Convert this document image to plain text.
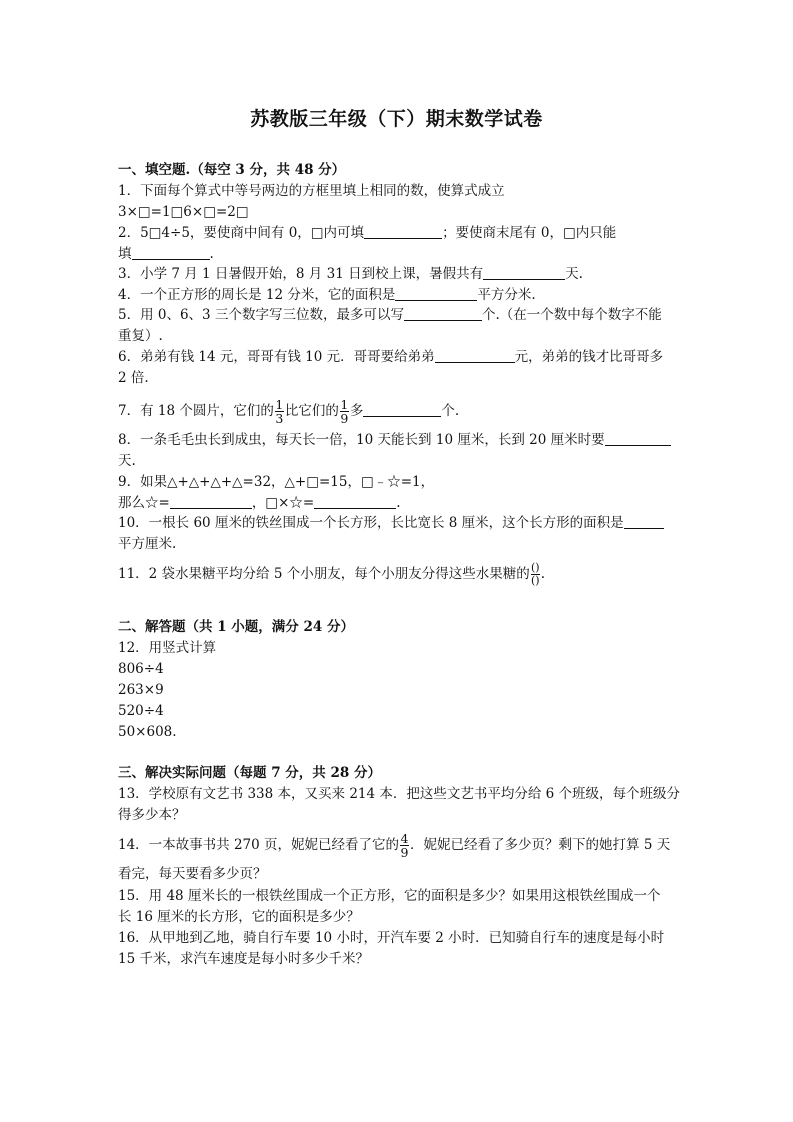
苏教版三年级（下）期末数学试卷
一、填空题.（每空 3 分，共 48 分）
1．下面每个算式中等号两边的方框里填上相同的数，使算式成立
3×□=1□6×□=2□
2．5□4÷5，要使商中间有 0，□内可填	；要使商末尾有 0，□内只能
填	.
3．小学 7 月 1 日暑假开始，8 月 31 日到校上课，暑假共有	天.
4．一个正方形的周长是 12 分米，它的面积是	平方分米.
5．用 0、6、3 三个数字写三位数，最多可以写	个.（在一个数中每个数字不能
重复）.
6．弟弟有钱 14 元，哥哥有钱 10 元．哥哥要给弟弟	元，弟弟的钱才比哥哥多
2 倍.
7．有 18 个圆片，它们的 $\frac{1}{3}$ 比它们的 $\frac{1}{9}$ 多	个.
8．一条毛毛虫长到成虫，每天长一倍，10 天能长到 10 厘米，长到 20 厘米时要
天.
9．如果△+△+△+△=32，△+□=15，□﹣☆=1，
那么☆=	，□×☆=	.
10．一根长 60 厘米的铁丝围成一个长方形，长比宽长 8 厘米，这个长方形的面积是
平方厘米.
11．2 袋水果糖平均分给 5 个小朋友，每个小朋友分得这些水果糖的 $\frac{()}{()}$ .
二、解答题（共 1 小题，满分 24 分）
12．用竖式计算
806÷4
263×9
520÷4
50×608.
三、解决实际问题（每题 7 分，共 28 分）
13．学校原有文艺书 338 本，又买来 214 本．把这些文艺书平均分给 6 个班级，每个班级分
得多少本？
14．一本故事书共 270 页，妮妮已经看了它的 $\frac{4}{9}$ ．妮妮已经看了多少页？剩下的她打算 5 天
看完，每天要看多少页？
15．用 48 厘米长的一根铁丝围成一个正方形，它的面积是多少？如果用这根铁丝围成一个
长 16 厘米的长方形，它的面积是多少？
16．从甲地到乙地，骑自行车要 10 小时，开汽车要 2 小时．已知骑自行车的速度是每小时
15 千米，求汽车速度是每小时多少千米？
